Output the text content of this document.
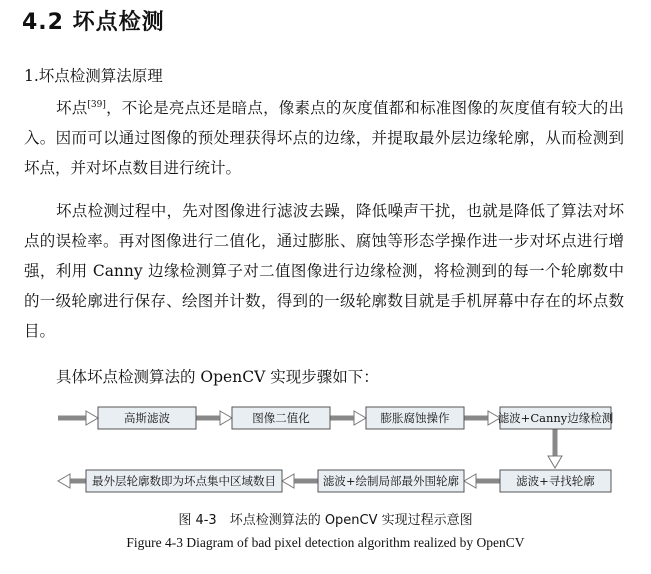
4.2 坏点检测
1.坏点检测算法原理
坏点[39]，不论是亮点还是暗点，像素点的灰度值都和标准图像的灰度值有较大的出入。因而可以通过图像的预处理获得坏点的边缘，并提取最外层边缘轮廓，从而检测到坏点，并对坏点数目进行统计。
坏点检测过程中，先对图像进行滤波去躁，降低噪声干扰，也就是降低了算法对坏点的误检率。再对图像进行二值化，通过膨胀、腐蚀等形态学操作进一步对坏点进行增强，利用 Canny 边缘检测算子对二值图像进行边缘检测，将检测到的每一个轮廓数中的一级轮廓进行保存、绘图并计数，得到的一级轮廓数目就是手机屏幕中存在的坏点数目。
具体坏点检测算法的 OpenCV 实现步骤如下：
高斯滤波	图像二值化	膨胀腐蚀操作	滤波+Canny边缘检测
滤波+寻找轮廓
滤波+绘制局部最外围轮廓
最外层轮廓数即为坏点集中区域数目
图 4-3　坏点检测算法的 OpenCV 实现过程示意图
Figure 4-3 Diagram of bad pixel detection algorithm realized by OpenCV
